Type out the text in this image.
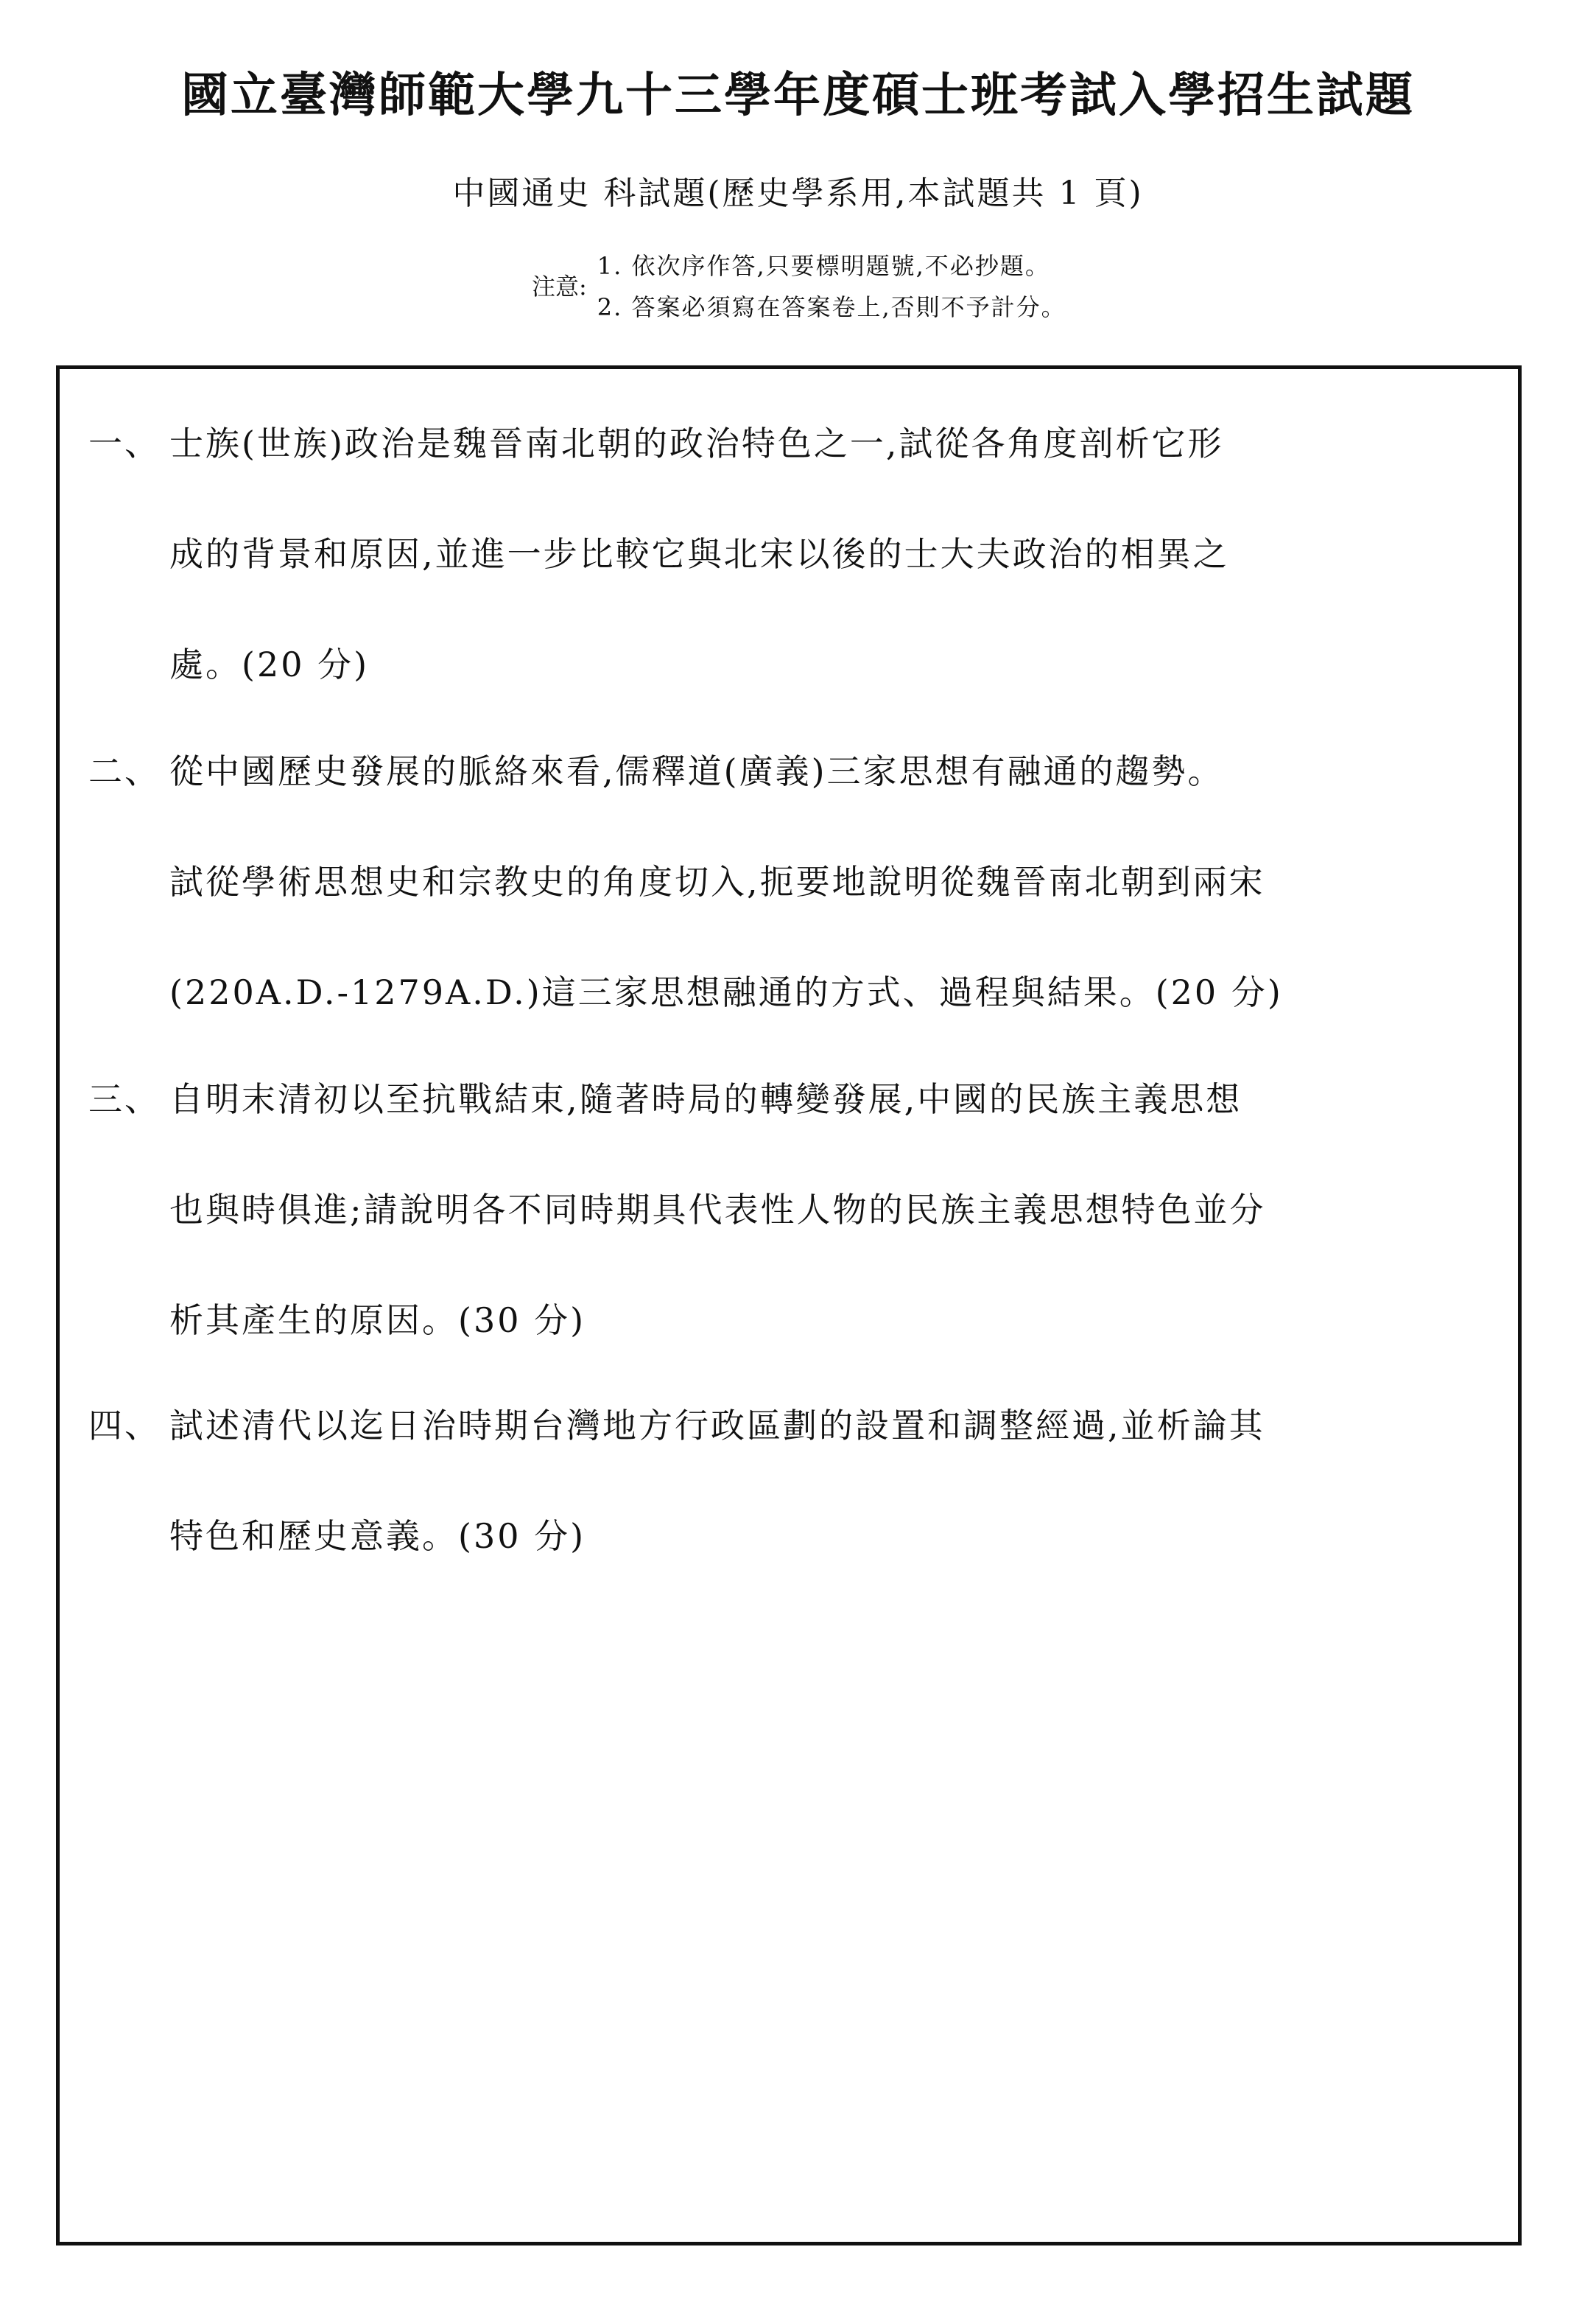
國立臺灣師範大學九十三學年度碩士班考試入學招生試題
中國通史 科試題(歷史學系用,本試題共 1 頁)
注意:
1. 依次序作答,只要標明題號,不必抄題。
2. 答案必須寫在答案卷上,否則不予計分。
一、 士族(世族)政治是魏晉南北朝的政治特色之一,試從各角度剖析它形
成的背景和原因,並進一步比較它與北宋以後的士大夫政治的相異之
處。(20 分)
二、 從中國歷史發展的脈絡來看,儒釋道(廣義)三家思想有融通的趨勢。
試從學術思想史和宗教史的角度切入,扼要地說明從魏晉南北朝到兩宋
(220A.D.-1279A.D.)這三家思想融通的方式、過程與結果。(20 分)
三、 自明末清初以至抗戰結束,隨著時局的轉變發展,中國的民族主義思想
也與時俱進;請說明各不同時期具代表性人物的民族主義思想特色並分
析其產生的原因。(30 分)
四、 試述清代以迄日治時期台灣地方行政區劃的設置和調整經過,並析論其
特色和歷史意義。(30 分)
